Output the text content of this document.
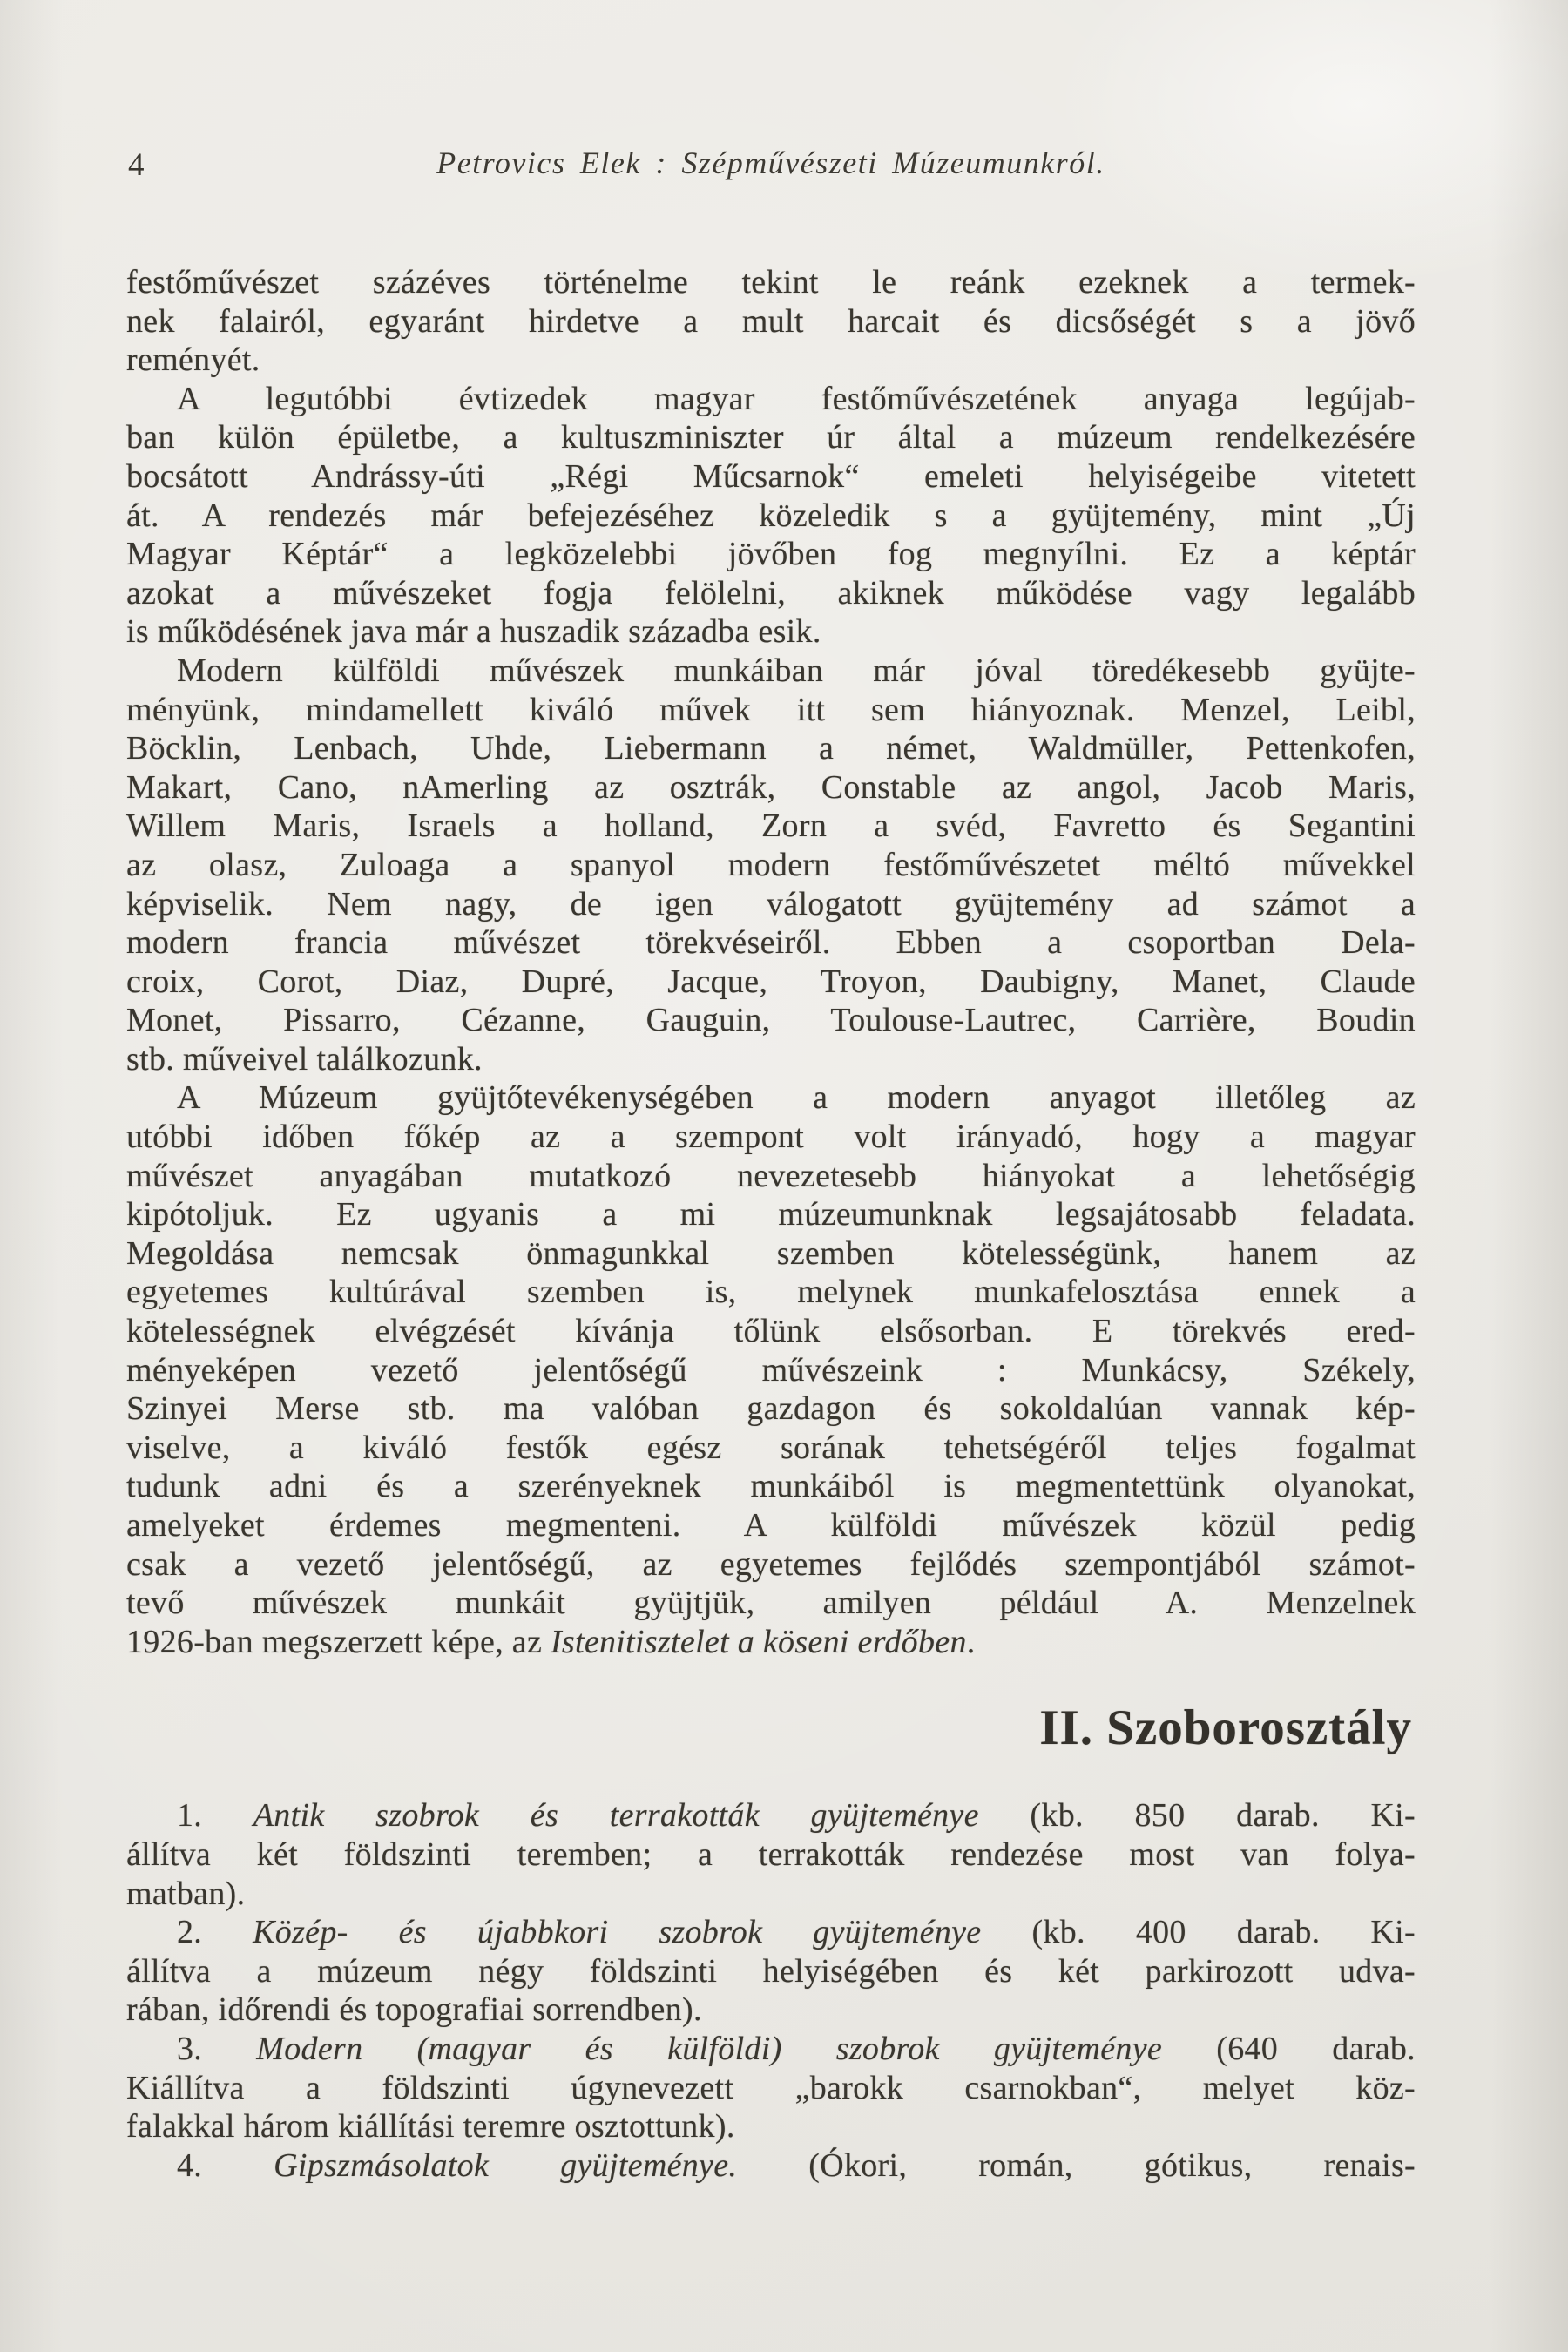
4	Petrovics Elek : Szépművészeti Múzeumunkról.
festőművészet százéves történelme tekint le reánk ezeknek a termek-
nek falairól, egyaránt hirdetve a mult harcait és dicsőségét s a jövő
reményét.
A legutóbbi évtizedek magyar festőművészetének anyaga legújab-
ban külön épületbe, a kultuszminiszter úr által a múzeum rendelkezésére
bocsátott Andrássy-úti „Régi Műcsarnok“ emeleti helyiségeibe vitetett
át. A rendezés már befejezéséhez közeledik s a gyüjtemény, mint „Új
Magyar Képtár“ a legközelebbi jövőben fog megnyílni. Ez a képtár
azokat a művészeket fogja felölelni, akiknek működése vagy legalább
is működésének java már a huszadik századba esik.
Modern külföldi művészek munkáiban már jóval töredékesebb gyüjte-
ményünk, mindamellett kiváló művek itt sem hiányoznak. Menzel, Leibl,
Böcklin, Lenbach, Uhde, Liebermann a német, Waldmüller, Pettenkofen,
Makart, Cano, nAmerling az osztrák, Constable az angol, Jacob Maris,
Willem Maris, Israels a holland, Zorn a svéd, Favretto és Segantini
az olasz, Zuloaga a spanyol modern festőművészetet méltó művekkel
képviselik. Nem nagy, de igen válogatott gyüjtemény ad számot a
modern francia művészet törekvéseiről. Ebben a csoportban Dela-
croix, Corot, Diaz, Dupré, Jacque, Troyon, Daubigny, Manet, Claude
Monet, Pissarro, Cézanne, Gauguin, Toulouse-Lautrec, Carrière, Boudin
stb. műveivel találkozunk.
A Múzeum gyüjtőtevékenységében a modern anyagot illetőleg az
utóbbi időben főkép az a szempont volt irányadó, hogy a magyar
művészet anyagában mutatkozó nevezetesebb hiányokat a lehetőségig
kipótoljuk. Ez ugyanis a mi múzeumunknak legsajátosabb feladata.
Megoldása nemcsak önmagunkkal szemben kötelességünk, hanem az
egyetemes kultúrával szemben is, melynek munkafelosztása ennek a
kötelességnek elvégzését kívánja tőlünk elsősorban. E törekvés ered-
ményeképen vezető jelentőségű művészeink : Munkácsy, Székely,
Szinyei Merse stb. ma valóban gazdagon és sokoldalúan vannak kép-
viselve, a kiváló festők egész sorának tehetségéről teljes fogalmat
tudunk adni és a szerényeknek munkáiból is megmentettünk olyanokat,
amelyeket érdemes megmenteni. A külföldi művészek közül pedig
csak a vezető jelentőségű, az egyetemes fejlődés szempontjából számot-
tevő művészek munkáit gyüjtjük, amilyen például A. Menzelnek
1926-ban megszerzett képe, az Istenitisztelet a köseni erdőben.
II. Szoborosztály
1. Antik szobrok és terrakották gyüjteménye (kb. 850 darab. Ki-
állítva két földszinti teremben; a terrakották rendezése most van folya-
matban).
2. Közép- és újabbkori szobrok gyüjteménye (kb. 400 darab. Ki-
állítva a múzeum négy földszinti helyiségében és két parkirozott udva-
rában, időrendi és topografiai sorrendben).
3. Modern (magyar és külföldi) szobrok gyüjteménye (640 darab.
Kiállítva a földszinti úgynevezett „barokk csarnokban“, melyet köz-
falakkal három kiállítási teremre osztottunk).
4. Gipszmásolatok gyüjteménye. (Ókori, román, gótikus, renais-
